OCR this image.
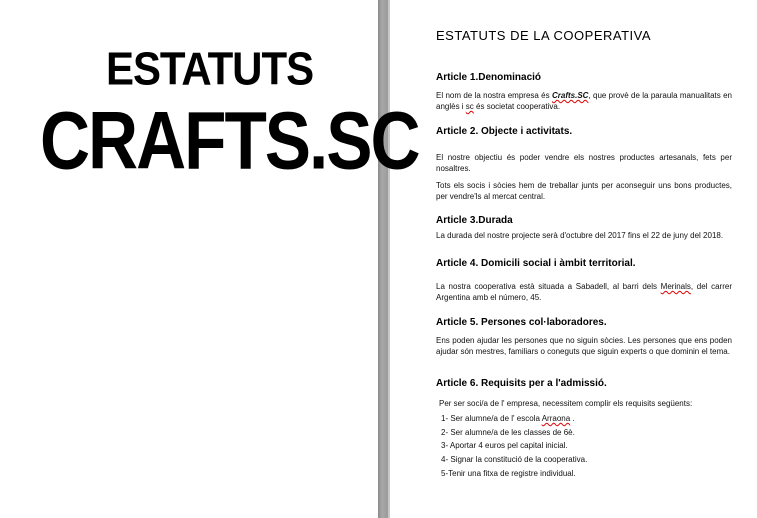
ESTATUTS
CRAFTS.SC
ESTATUTS DE LA COOPERATIVA
Article 1.Denominació
El nom de la nostra empresa és Crafts.SC, que provè de la paraula manualitats en anglès i sc és societat cooperativa.
Article 2. Objecte i activitats.
El nostre objectiu és poder vendre els nostres productes artesanals, fets per nosaltres.
Tots els socis i sòcies hem de treballar junts per aconseguir uns bons productes, per vendre'ls al mercat central.
Article 3.Durada
La durada del nostre projecte serà d'octubre del 2017 fins el 22 de juny del 2018.
Article 4. Domicili social i àmbit territorial.
La nostra cooperativa està situada a Sabadell, al barri dels Merinals, del carrer Argentina amb el número, 45.
Article 5. Persones col·laboradores.
Ens poden ajudar les persones que no siguin sòcies. Les persones que ens poden ajudar són mestres, familiars o coneguts que siguin experts o que dominin el tema.
Article 6. Requisits per a l'admissió.
Per ser soci/a de l' empresa, necessitem complir els requisits següents:
1- Ser alumne/a de l' escola Arraona .
2- Ser alumne/a de les classes de 6è.
3- Aportar 4 euros pel capital inicial.
4- Signar la constitució de la cooperativa.
5-Tenir una fitxa de registre individual.
